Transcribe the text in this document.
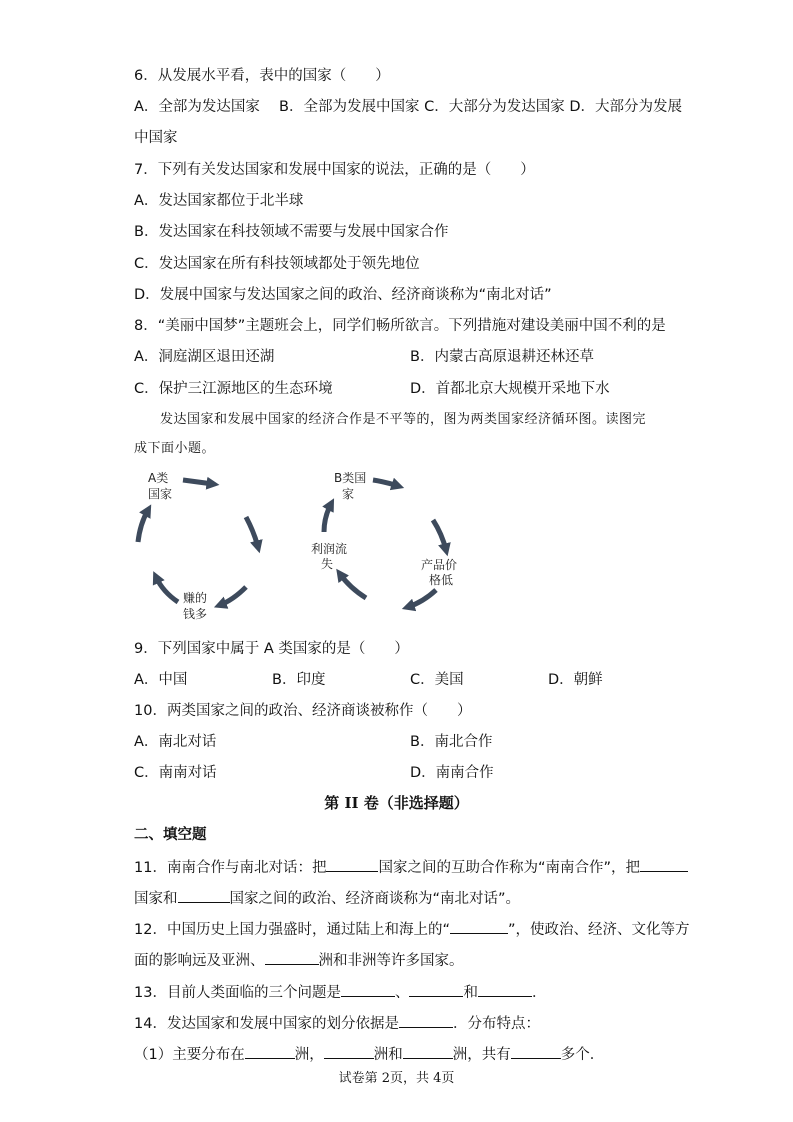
6．从发展水平看，表中的国家（　　）
A．全部为发达国家　 B．全部为发展中国家 C．大部分为发达国家 D．大部分为发展
中国家
7．下列有关发达国家和发展中国家的说法，正确的是（　　）
A．发达国家都位于北半球
B．发达国家在科技领域不需要与发展中国家合作
C．发达国家在所有科技领域都处于领先地位
D．发展中国家与发达国家之间的政治、经济商谈称为“南北对话”
8．“美丽中国梦”主题班会上，同学们畅所欲言。下列措施对建设美丽中国不利的是
A．洞庭湖区退田还湖	B．内蒙古高原退耕还林还草
C．保护三江源地区的生态环境	D．首都北京大规模开采地下水
发达国家和发展中国家的经济合作是不平等的，图为两类国家经济循环图。读图完
成下面小题。
A类
国家
赚的
钱多
B类国
家
利润流
失	产品价
格低
9．下列国家中属于 A 类国家的是（　　）
A．中国	B．印度	C．美国	D．朝鲜
10．两类国家之间的政治、经济商谈被称作（　　）
A．南北对话	B．南北合作
C．南南对话	D．南南合作
第 II 卷（非选择题）
二、填空题
11．南南合作与南北对话：把	国家之间的互助合作称为“南南合作”，把
国家和	国家之间的政治、经济商谈称为“南北对话”。
12．中国历史上国力强盛时，通过陆上和海上的“	”，使政治、经济、文化等方
面的影响远及亚洲、	洲和非洲等许多国家。
13．目前人类面临的三个问题是	、	和	．
14．发达国家和发展中国家的划分依据是	．分布特点：
（1）主要分布在	洲，	洲和	洲，共有	多个．
试卷第 2页，共 4页
